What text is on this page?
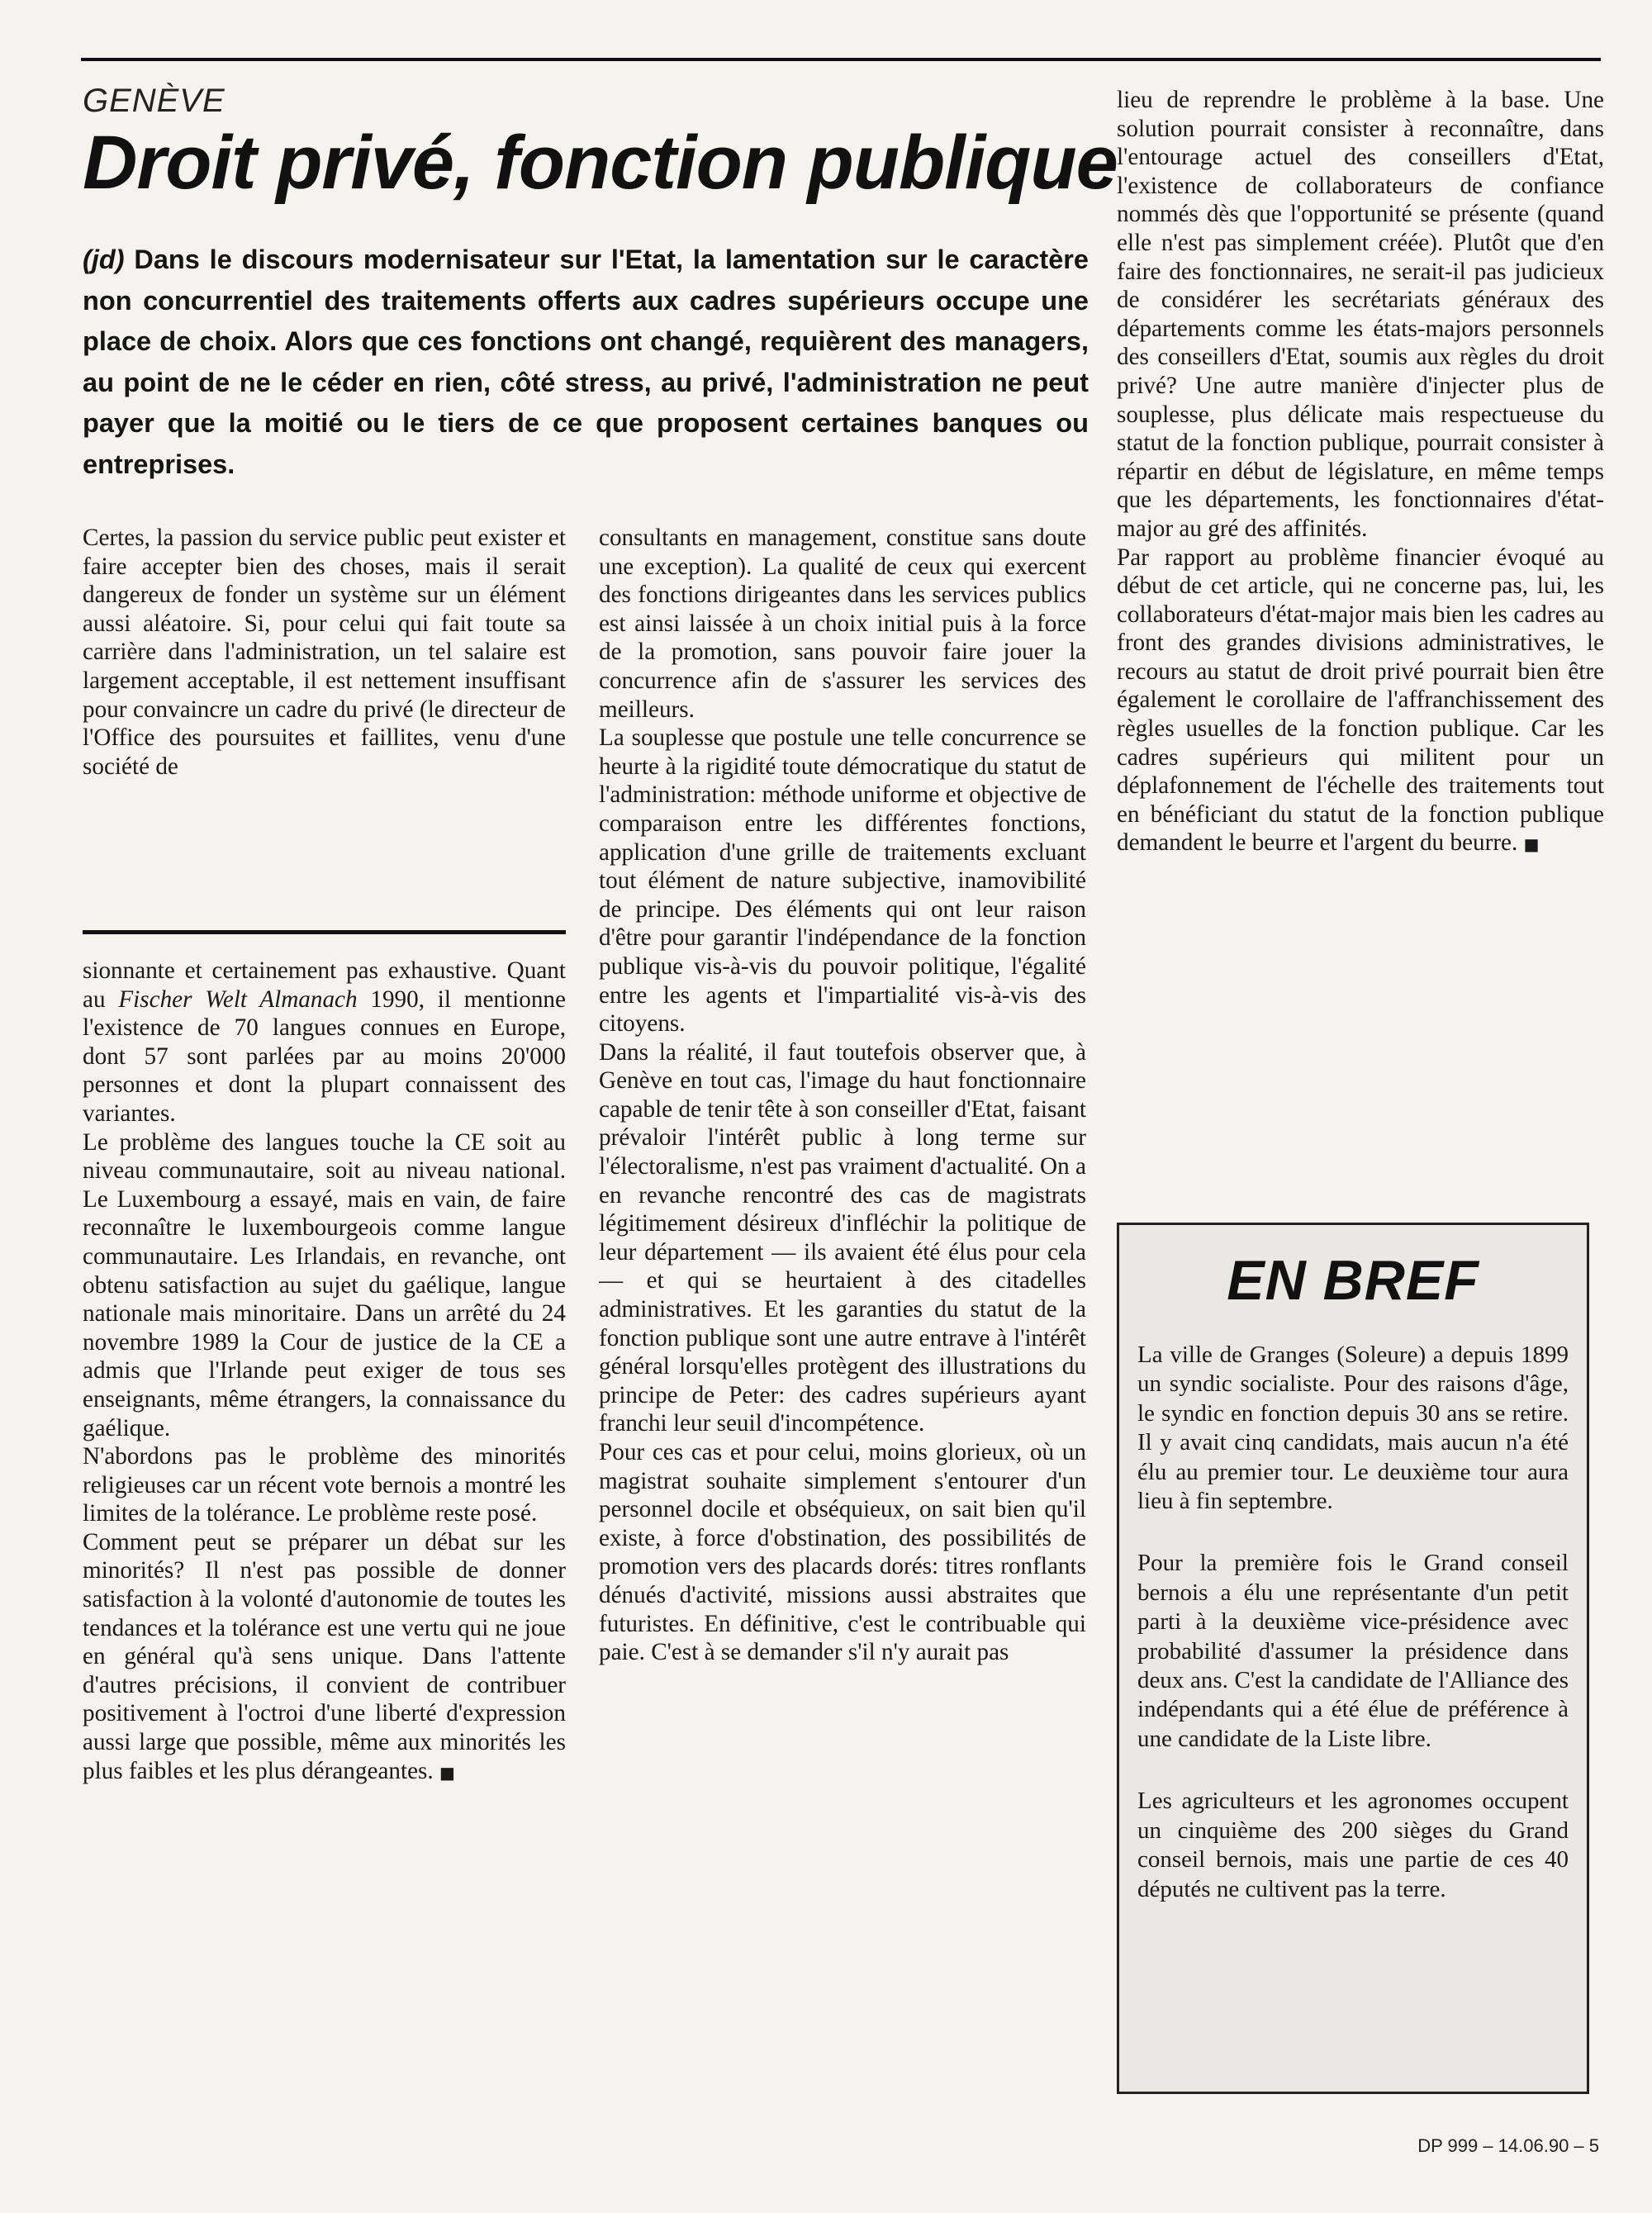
GENÈVE
Droit privé, fonction publique
(jd) Dans le discours modernisateur sur l'Etat, la lamentation sur le caractère non concurrentiel des traitements offerts aux cadres supérieurs occupe une place de choix. Alors que ces fonctions ont changé, requièrent des managers, au point de ne le céder en rien, côté stress, au privé, l'administration ne peut payer que la moitié ou le tiers de ce que proposent certaines banques ou entreprises.

Certes, la passion du service public peut exister et faire accepter bien des choses, mais il serait dangereux de fonder un système sur un élément aussi aléatoire. Si, pour celui qui fait toute sa carrière dans l'administration, un tel salaire est largement acceptable, il est nettement insuffisant pour convaincre un cadre du privé (le directeur de l'Office des poursuites et faillites, venu d'une société de

sionnante et certainement pas exhaustive. Quant au Fischer Welt Almanach 1990, il mentionne l'existence de 70 langues connues en Europe, dont 57 sont parlées par au moins 20'000 personnes et dont la plupart connaissent des variantes.

Le problème des langues touche la CE soit au niveau communautaire, soit au niveau national. Le Luxembourg a essayé, mais en vain, de faire reconnaître le luxembourgeois comme langue communautaire. Les Irlandais, en revanche, ont obtenu satisfaction au sujet du gaélique, langue nationale mais minoritaire. Dans un arrêté du 24 novembre 1989 la Cour de justice de la CE a admis que l'Irlande peut exiger de tous ses enseignants, même étrangers, la connaissance du gaélique.

N'abordons pas le problème des minorités religieuses car un récent vote bernois a montré les limites de la tolérance. Le problème reste posé.

Comment peut se préparer un débat sur les minorités? Il n'est pas possible de donner satisfaction à la volonté d'autonomie de toutes les tendances et la tolérance est une vertu qui ne joue en général qu'à sens unique. Dans l'attente d'autres précisions, il convient de contribuer positivement à l'octroi d'une liberté d'expression aussi large que possible, même aux minorités les plus faibles et les plus dérangeantes. ■

consultants en management, constitue sans doute une exception). La qualité de ceux qui exercent des fonctions dirigeantes dans les services publics est ainsi laissée à un choix initial puis à la force de la promotion, sans pouvoir faire jouer la concurrence afin de s'assurer les services des meilleurs.

La souplesse que postule une telle concurrence se heurte à la rigidité toute démocratique du statut de l'administration: méthode uniforme et objective de comparaison entre les différentes fonctions, application d'une grille de traitements excluant tout élément de nature subjective, inamovibilité de principe. Des éléments qui ont leur raison d'être pour garantir l'indépendance de la fonction publique vis-à-vis du pouvoir politique, l'égalité entre les agents et l'impartialité vis-à-vis des citoyens.

Dans la réalité, il faut toutefois observer que, à Genève en tout cas, l'image du haut fonctionnaire capable de tenir tête à son conseiller d'Etat, faisant prévaloir l'intérêt public à long terme sur l'électoralisme, n'est pas vraiment d'actualité. On a en revanche rencontré des cas de magistrats légitimement désireux d'infléchir la politique de leur département — ils avaient été élus pour cela — et qui se heurtaient à des citadelles administratives. Et les garanties du statut de la fonction publique sont une autre entrave à l'intérêt général lorsqu'elles protègent des illustrations du principe de Peter: des cadres supérieurs ayant franchi leur seuil d'incompétence.

Pour ces cas et pour celui, moins glorieux, où un magistrat souhaite simplement s'entourer d'un personnel docile et obséquieux, on sait bien qu'il existe, à force d'obstination, des possibilités de promotion vers des placards dorés: titres ronflants dénués d'activité, missions aussi abstraites que futuristes. En définitive, c'est le contribuable qui paie. C'est à se demander s'il n'y aurait pas

lieu de reprendre le problème à la base. Une solution pourrait consister à reconnaître, dans l'entourage actuel des conseillers d'Etat, l'existence de collaborateurs de confiance nommés dès que l'opportunité se présente (quand elle n'est pas simplement créée). Plutôt que d'en faire des fonctionnaires, ne serait-il pas judicieux de considérer les secrétariats généraux des départements comme les états-majors personnels des conseillers d'Etat, soumis aux règles du droit privé? Une autre manière d'injecter plus de souplesse, plus délicate mais respectueuse du statut de la fonction publique, pourrait consister à répartir en début de législature, en même temps que les départements, les fonctionnaires d'état-major au gré des affinités.

Par rapport au problème financier évoqué au début de cet article, qui ne concerne pas, lui, les collaborateurs d'état-major mais bien les cadres au front des grandes divisions administratives, le recours au statut de droit privé pourrait bien être également le corollaire de l'affranchissement des règles usuelles de la fonction publique. Car les cadres supérieurs qui militent pour un déplafonnement de l'échelle des traitements tout en bénéficiant du statut de la fonction publique demandent le beurre et l'argent du beurre. ■

EN BREF

La ville de Granges (Soleure) a depuis 1899 un syndic socialiste. Pour des raisons d'âge, le syndic en fonction depuis 30 ans se retire. Il y avait cinq candidats, mais aucun n'a été élu au premier tour. Le deuxième tour aura lieu à fin septembre.

Pour la première fois le Grand conseil bernois a élu une représentante d'un petit parti à la deuxième vice-présidence avec probabilité d'assumer la présidence dans deux ans. C'est la candidate de l'Alliance des indépendants qui a été élue de préférence à une candidate de la Liste libre.

Les agriculteurs et les agronomes occupent un cinquième des 200 sièges du Grand conseil bernois, mais une partie de ces 40 députés ne cultivent pas la terre.

DP 999 – 14.06.90 – 5
